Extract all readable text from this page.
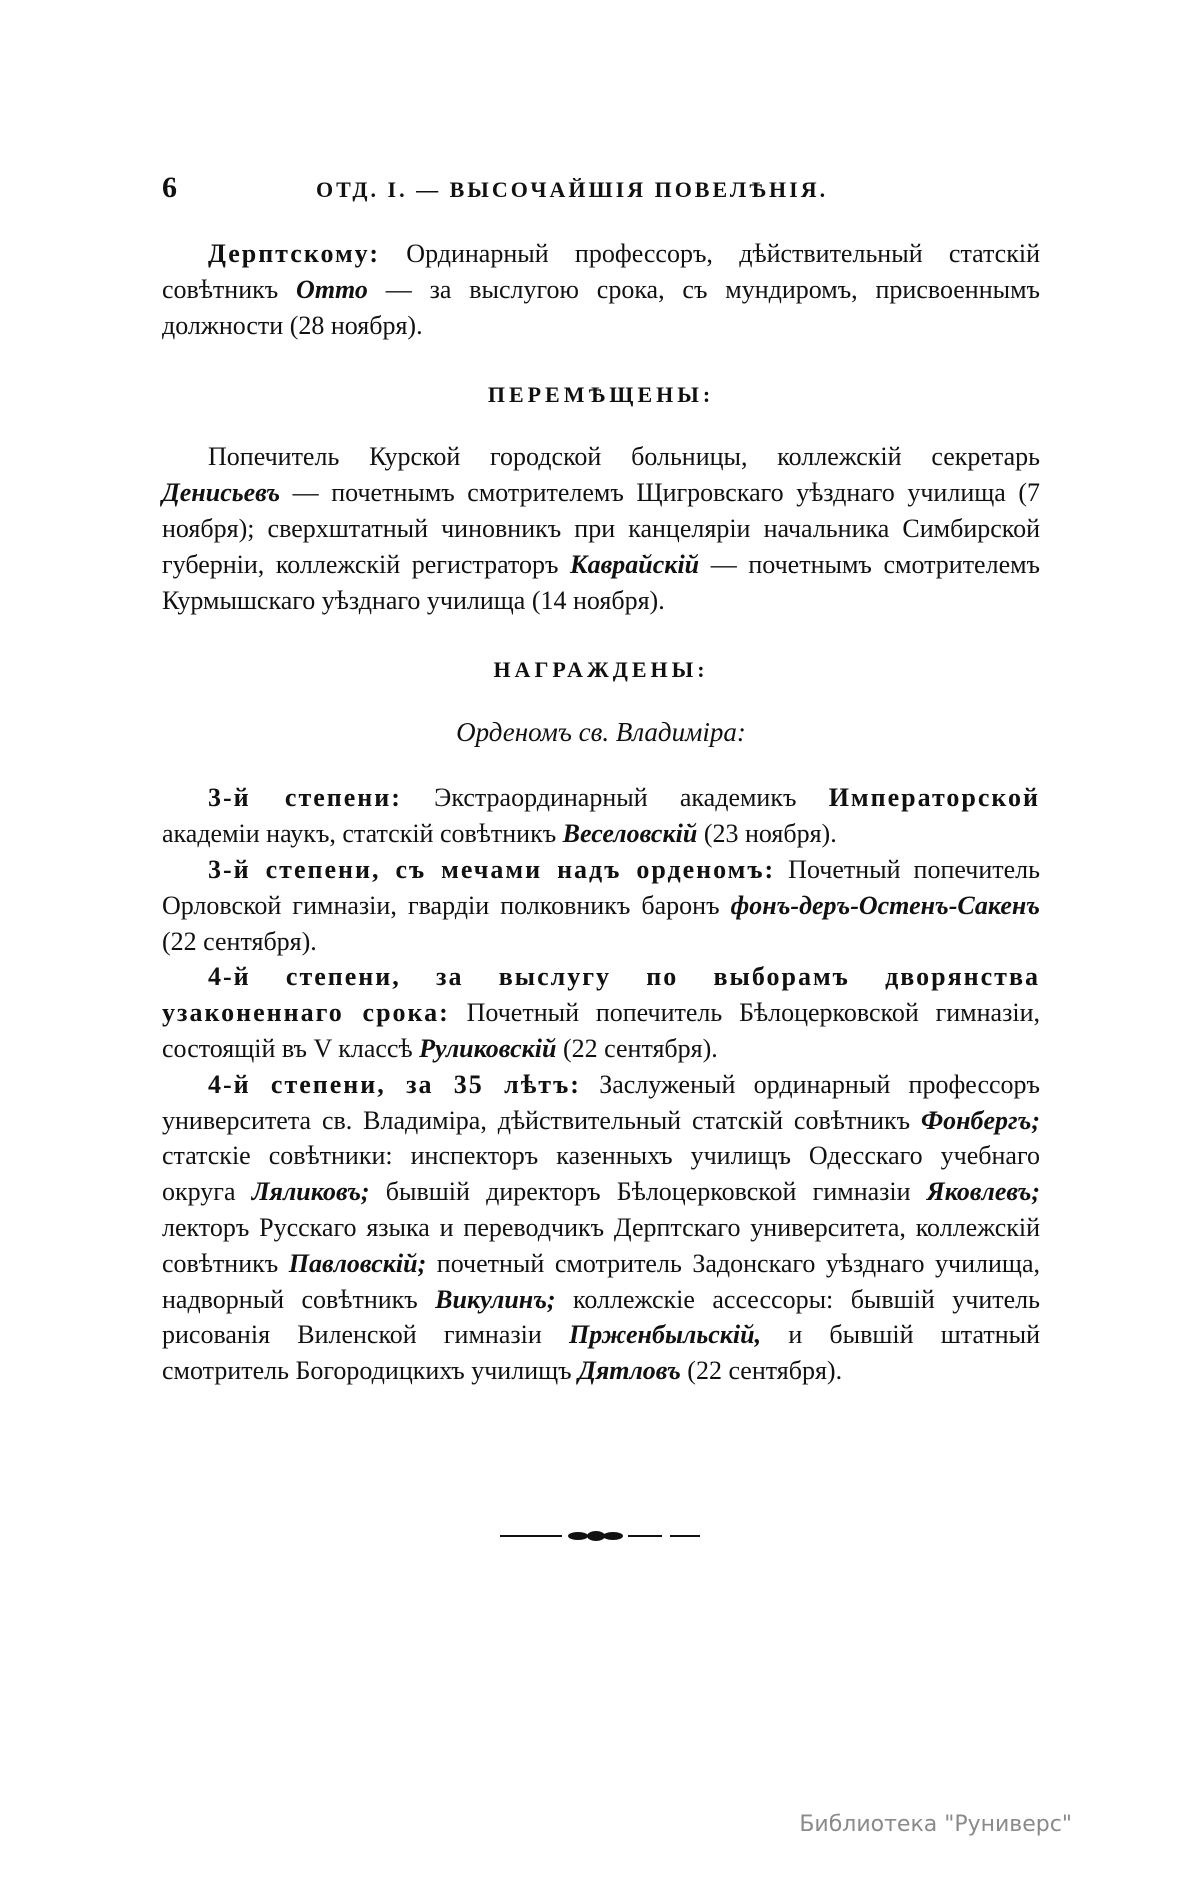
6	ОТД. I. — ВЫСОЧАЙШІЯ ПОВЕЛѢНІЯ.

Дерптскому: Ординарный профессоръ, дѣйствительный статскій совѣтникъ Отто — за выслугою срока, съ мундиромъ, присвоеннымъ должности (28 ноября).

ПЕРЕМѢЩЕНЫ:

Попечитель Курской городской больницы, коллежскій секретарь Денисьевъ — почетнымъ смотрителемъ Щигровскаго уѣзднаго училища (7 ноября); сверхштатный чиновникъ при канцеляріи начальника Симбирской губерніи, коллежскій регистраторъ Каврайскій — почетнымъ смотрителемъ Курмышскаго уѣзднаго училища (14 ноября).

НАГРАЖДЕНЫ:
Орденомъ св. Владиміра:

3-й степени: Экстраординарный академикъ Императорской академіи наукъ, статскій совѣтникъ Веселовскій (23 ноября).

3-й степени, съ мечами надъ орденомъ: Почетный попечитель Орловской гимназіи, гвардіи полковникъ баронъ фонъ-деръ-Остенъ-Сакенъ (22 сентября).

4-й степени, за выслугу по выборамъ дворянства узаконеннаго срока: Почетный попечитель Бѣлоцерковской гимназіи, состоящій въ V классѣ Руликовскій (22 сентября).

4-й степени, за 35 лѣтъ: Заслуженый ординарный профессоръ университета св. Владиміра, дѣйствительный статскій совѣтникъ Фонбергъ; статскіе совѣтники: инспекторъ казенныхъ училищъ Одесскаго учебнаго округа Ляликовъ; бывшій директоръ Бѣлоцерковской гимназіи Яковлевъ; лекторъ Русскаго языка и переводчикъ Дерптскаго университета, коллежскій совѣтникъ Павловскій; почетный смотритель Задонскаго уѣзднаго училища, надворный совѣтникъ Викулинъ; коллежскіе ассессоры: бывшій учитель рисованія Виленской гимназіи Прженбыльскій, и бывшій штатный смотритель Богородицкихъ училищъ Дятловъ (22 сентября).

Библиотека "Руниверс"
